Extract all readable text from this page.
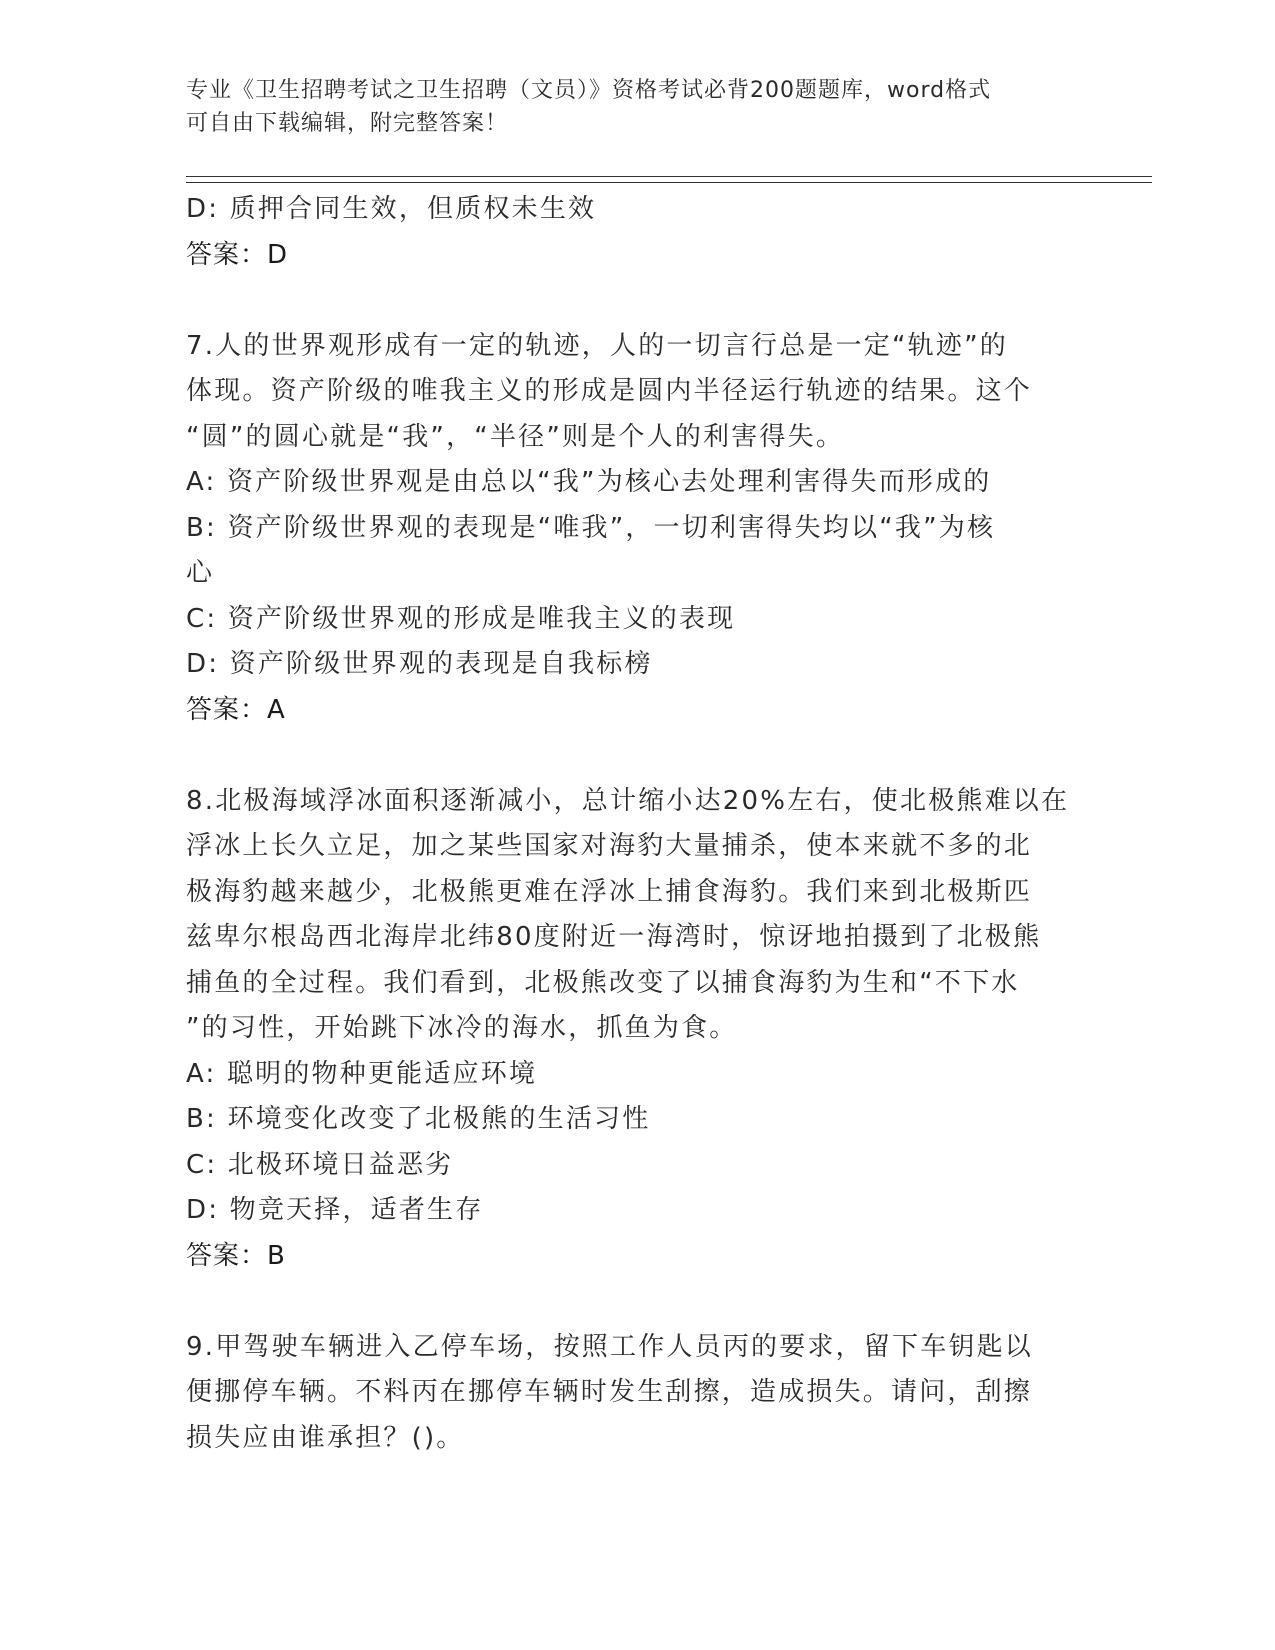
专业《卫生招聘考试之卫生招聘（文员）》资格考试必背200题题库，word格式
可自由下载编辑，附完整答案！
D: 质押合同生效，但质权未生效
答案：D
7.人的世界观形成有一定的轨迹，人的一切言行总是一定“轨迹”的
体现。资产阶级的唯我主义的形成是圆内半径运行轨迹的结果。这个
“圆”的圆心就是“我”，“半径”则是个人的利害得失。
A: 资产阶级世界观是由总以“我”为核心去处理利害得失而形成的
B: 资产阶级世界观的表现是“唯我”，一切利害得失均以“我”为核
心
C: 资产阶级世界观的形成是唯我主义的表现
D: 资产阶级世界观的表现是自我标榜
答案：A
8.北极海域浮冰面积逐渐减小，总计缩小达20%左右，使北极熊难以在
浮冰上长久立足，加之某些国家对海豹大量捕杀，使本来就不多的北
极海豹越来越少，北极熊更难在浮冰上捕食海豹。我们来到北极斯匹
兹卑尔根岛西北海岸北纬80度附近一海湾时，惊讶地拍摄到了北极熊
捕鱼的全过程。我们看到，北极熊改变了以捕食海豹为生和“不下水
”的习性，开始跳下冰冷的海水，抓鱼为食。
A: 聪明的物种更能适应环境
B: 环境变化改变了北极熊的生活习性
C: 北极环境日益恶劣
D: 物竞天择，适者生存
答案：B
9.甲驾驶车辆进入乙停车场，按照工作人员丙的要求，留下车钥匙以
便挪停车辆。不料丙在挪停车辆时发生刮擦，造成损失。请问，刮擦
损失应由谁承担？()。
